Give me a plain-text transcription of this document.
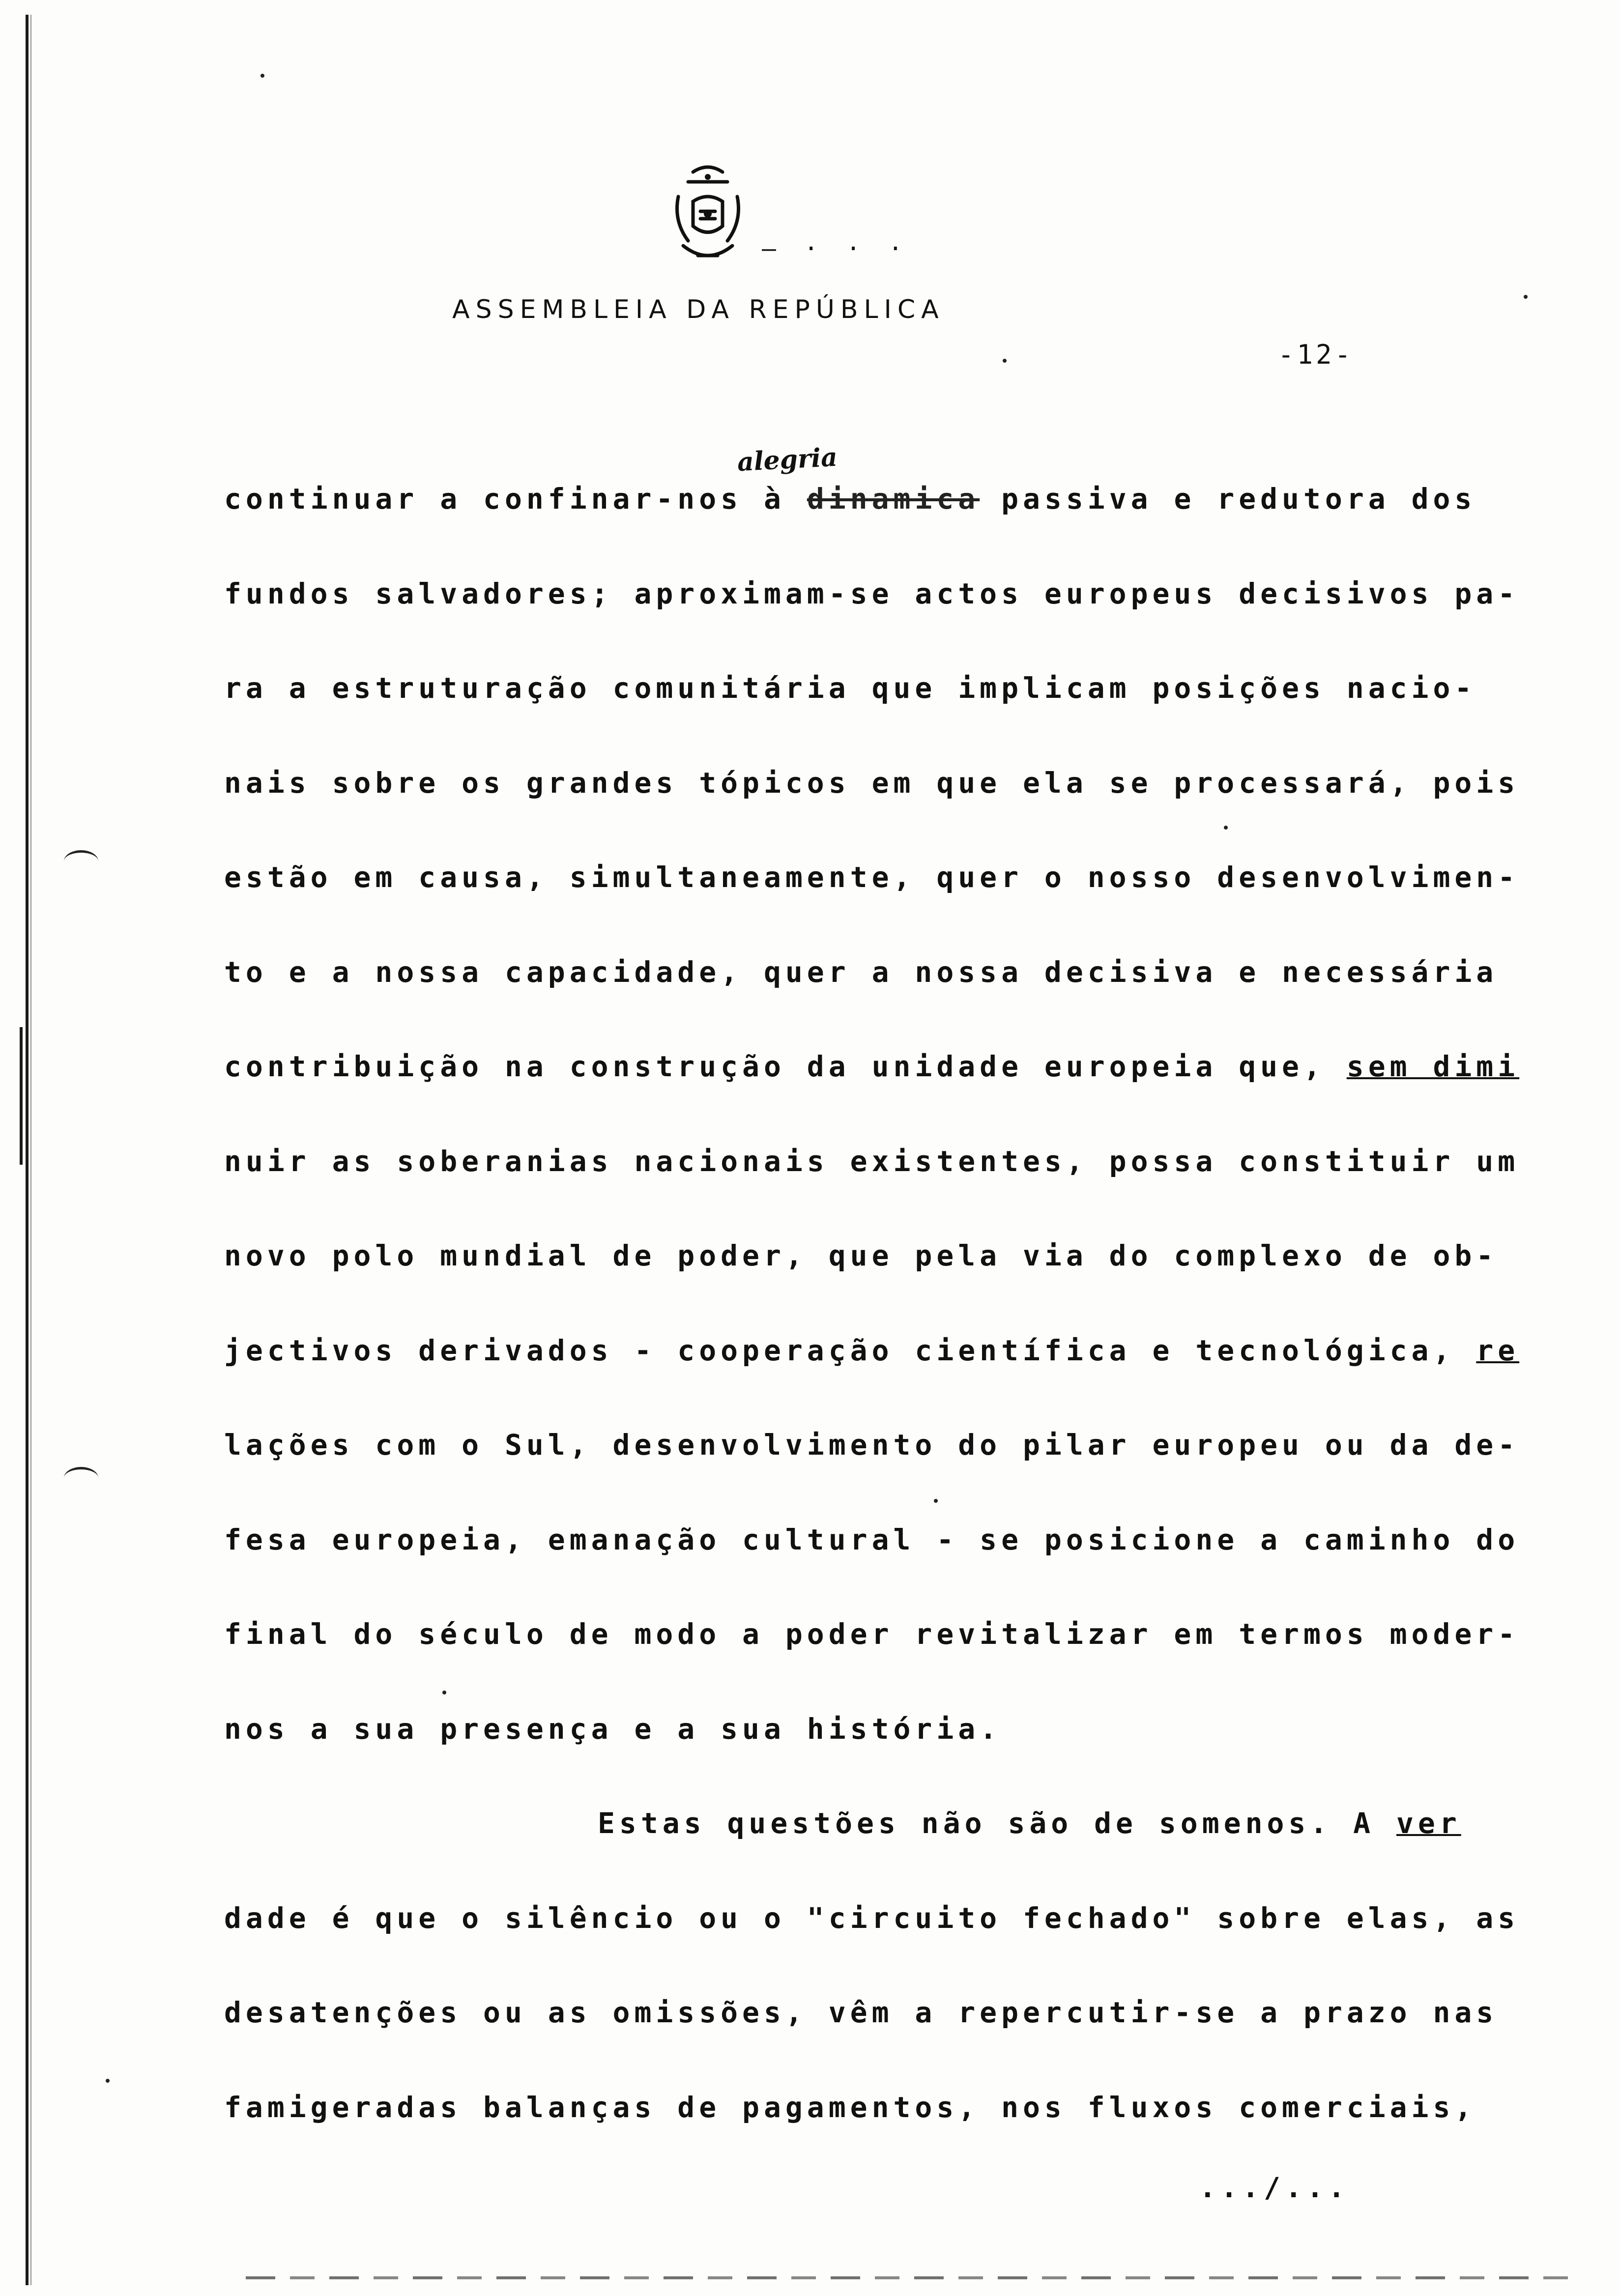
— · · ·
ASSEMBLEIA DA REPÚBLICA
-12-
alegria
continuar a confinar-nos à dinamica passiva e redutora dos
fundos salvadores; aproximam-se actos europeus decisivos pa-
ra a estruturação comunitária que implicam posições nacio-
nais sobre os grandes tópicos em que ela se processará, pois
estão em causa, simultaneamente, quer o nosso desenvolvimen-
to e a nossa capacidade, quer a nossa decisiva e necessária
contribuição na construção da unidade europeia que, sem dimi
nuir as soberanias nacionais existentes, possa constituir um
novo polo mundial de poder, que pela via do complexo de ob-
jectivos derivados - cooperação científica e tecnológica, re
lações com o Sul, desenvolvimento do pilar europeu ou da de-
fesa europeia, emanação cultural - se posicione a caminho do
final do século de modo a poder revitalizar em termos moder-
nos a sua presença e a sua história.
Estas questões não são de somenos. A ver
dade é que o silêncio ou o "circuito fechado" sobre elas, as
desatenções ou as omissões, vêm a repercutir-se a prazo nas
famigeradas balanças de pagamentos, nos fluxos comerciais,
.../...
